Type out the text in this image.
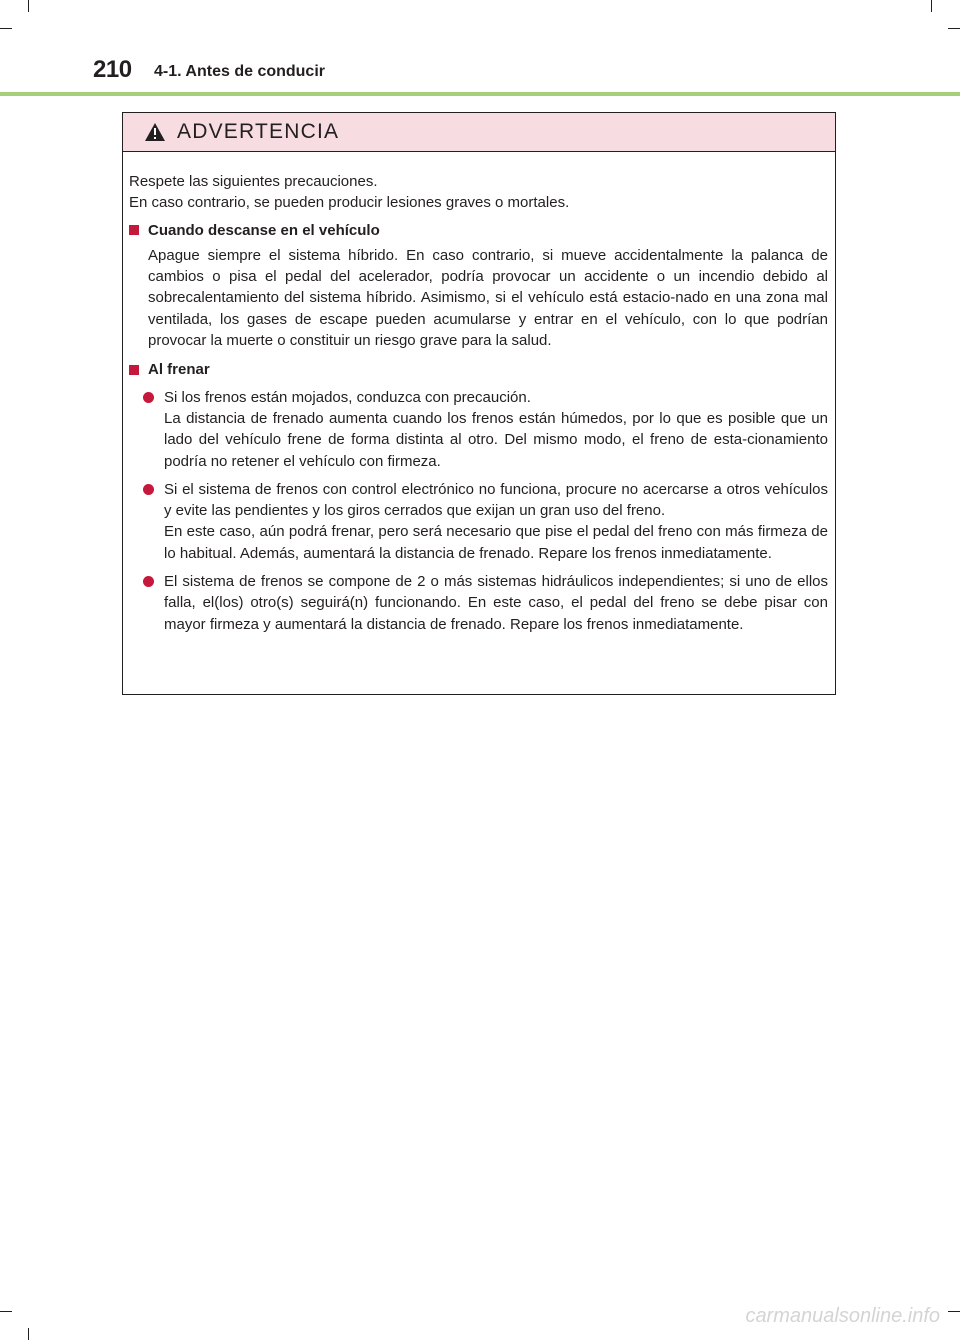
210 4-1. Antes de conducir
ADVERTENCIA

Respete las siguientes precauciones.
En caso contrario, se pueden producir lesiones graves o mortales.

Cuando descanse en el vehículo

Apague siempre el sistema híbrido. En caso contrario, si mueve accidentalmente la palanca de cambios o pisa el pedal del acelerador, podría provocar un accidente o un incendio debido al sobrecalentamiento del sistema híbrido. Asimismo, si el vehículo está estacio-nado en una zona mal ventilada, los gases de escape pueden acumularse y entrar en el vehículo, con lo que podrían provocar la muerte o constituir un riesgo grave para la salud.

Al frenar

Si los frenos están mojados, conduzca con precaución.

La distancia de frenado aumenta cuando los frenos están húmedos, por lo que es posible que un lado del vehículo frene de forma distinta al otro. Del mismo modo, el freno de esta-cionamiento podría no retener el vehículo con firmeza.

Si el sistema de frenos con control electrónico no funciona, procure no acercarse a otros vehículos y evite las pendientes y los giros cerrados que exijan un gran uso del freno.

En este caso, aún podrá frenar, pero será necesario que pise el pedal del freno con más firmeza de lo habitual. Además, aumentará la distancia de frenado. Repare los frenos inmediatamente.

El sistema de frenos se compone de 2 o más sistemas hidráulicos independientes; si uno de ellos falla, el(los) otro(s) seguirá(n) funcionando. En este caso, el pedal del freno se debe pisar con mayor firmeza y aumentará la distancia de frenado. Repare los frenos inmediatamente.

carmanualsonline.info
